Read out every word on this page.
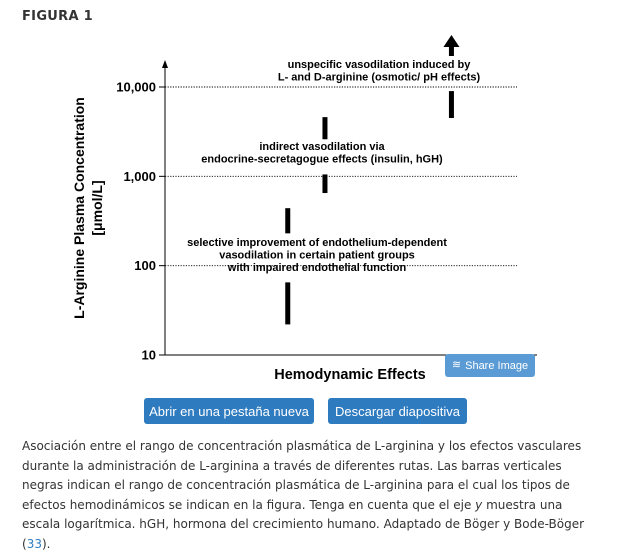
FIGURA 1
10
100
1,000
10,000
unspecific vasodilation induced by
L- and D-arginine (osmotic/ pH effects)
indirect vasodilation via
endocrine-secretagogue effects (insulin, hGH)
selective improvement of endothelium-dependent
vasodilation in certain patient groups
with impaired endothelial function
Hemodynamic Effects
L-Arginine Plasma Concentration [μmol/L]
≋ Share Image
Abrir en una pestaña nueva	Descargar diapositiva
Asociación entre el rango de concentración plasmática de L-arginina y los efectos vasculares durante la administración de L-arginina a través de diferentes rutas. Las barras verticales negras indican el rango de concentración plasmática de L-arginina para el cual los tipos de efectos hemodinámicos se indican en la figura. Tenga en cuenta que el eje y muestra una escala logarítmica. hGH, hormona del crecimiento humano. Adaptado de Böger y Bode-Böger (33).
